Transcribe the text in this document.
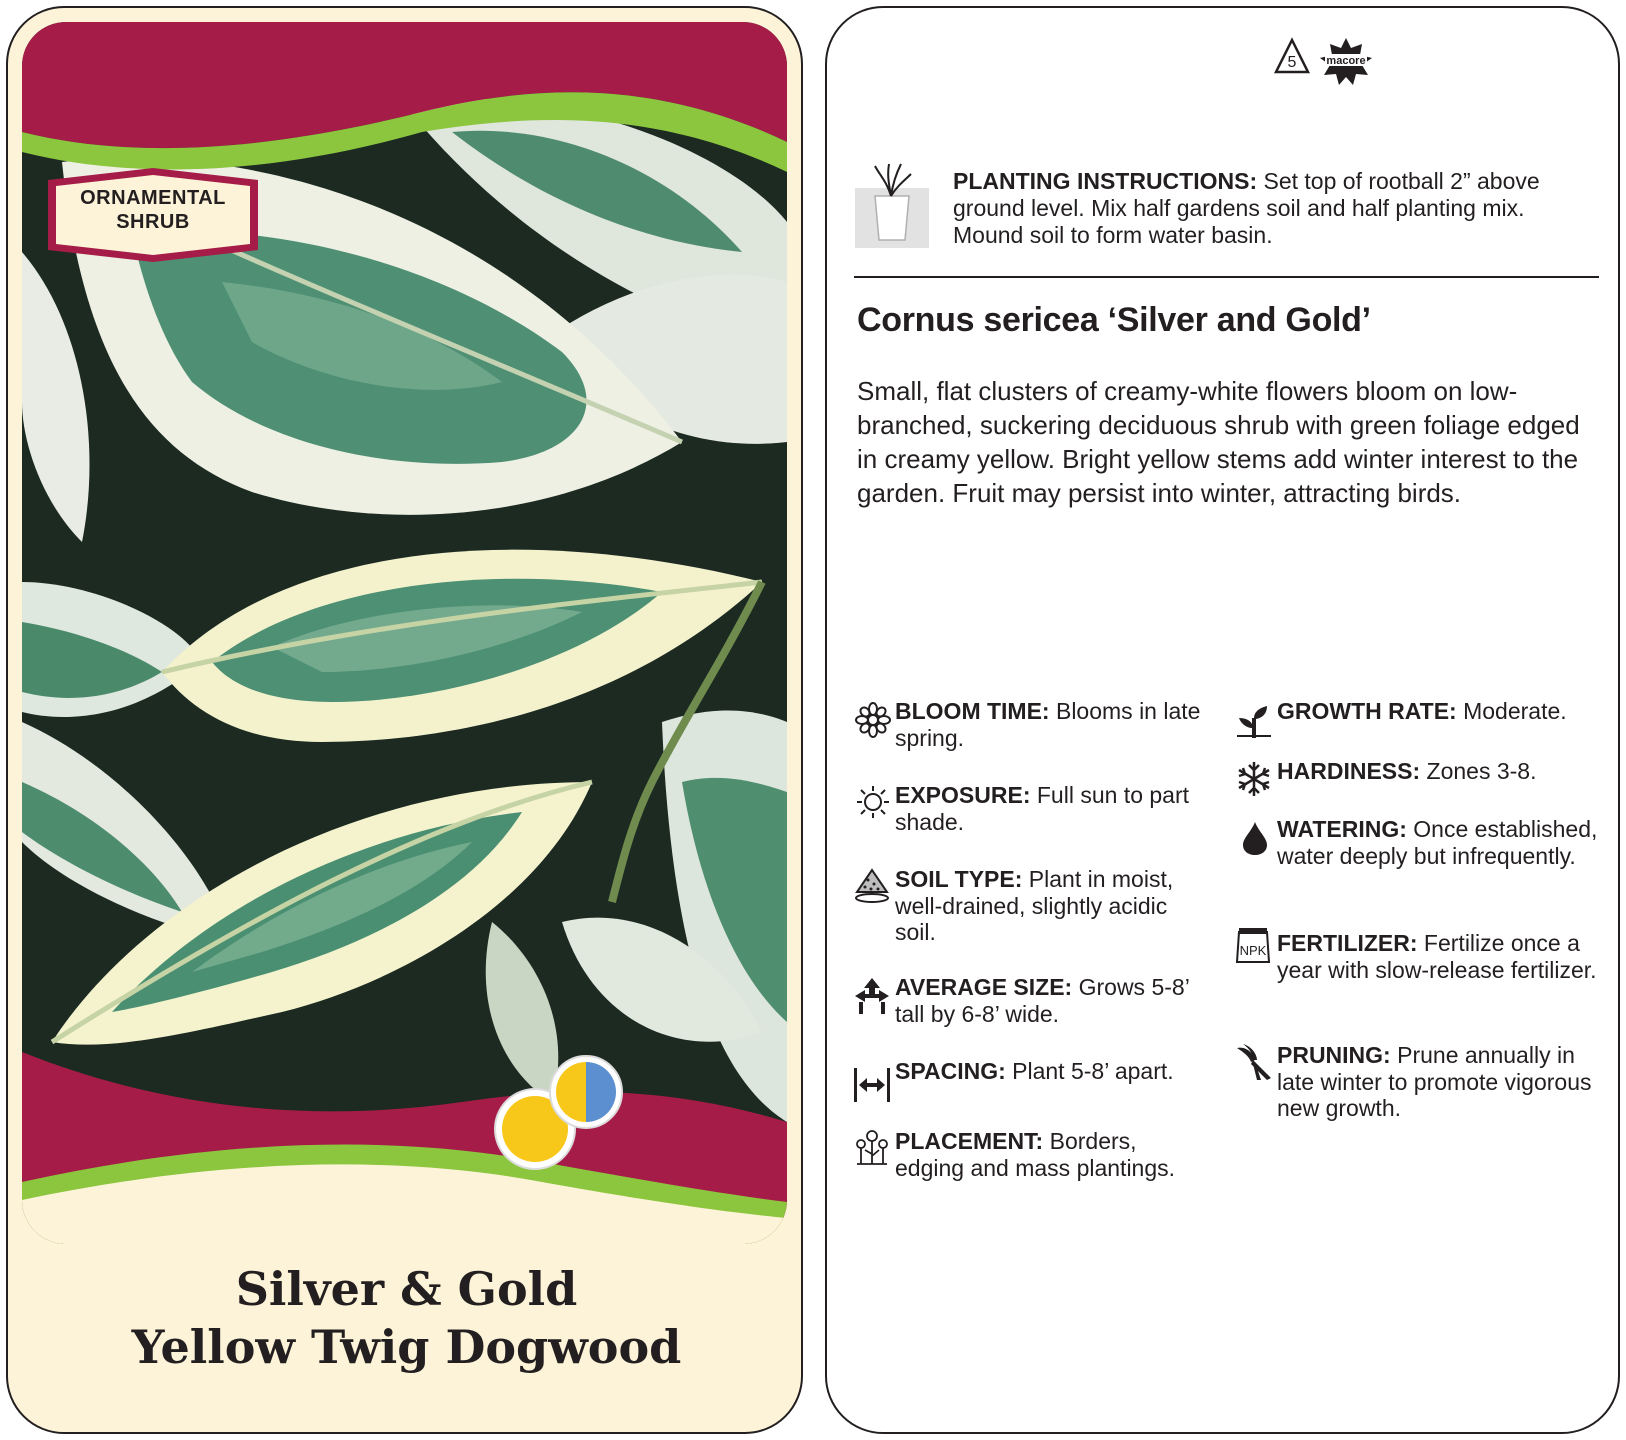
ORNAMENTAL
SHRUB
Silver & Gold
Yellow Twig Dogwood
5	macore
PLANTING INSTRUCTIONS: Set top of rootball 2” above ground level. Mix half gardens soil and half planting mix. Mound soil to form water basin.
Cornus sericea ‘Silver and Gold’
Small, flat clusters of creamy-white flowers bloom on low-branched, suckering deciduous shrub with green foliage edged in creamy yellow. Bright yellow stems add winter interest to the garden. Fruit may persist into winter, attracting birds.
BLOOM TIME: Blooms in late spring.
EXPOSURE: Full sun to part shade.
SOIL TYPE: Plant in moist, well-drained, slightly acidic soil.
AVERAGE SIZE: Grows 5-8’ tall by 6-8’ wide.
SPACING: Plant 5-8’ apart.
PLACEMENT: Borders, edging and mass plantings.
GROWTH RATE: Moderate.
HARDINESS: Zones 3-8.
WATERING: Once established, water deeply but infrequently.
NPK FERTILIZER: Fertilize once a year with slow-release fertilizer.
PRUNING: Prune annually in late winter to promote vigorous new growth.
